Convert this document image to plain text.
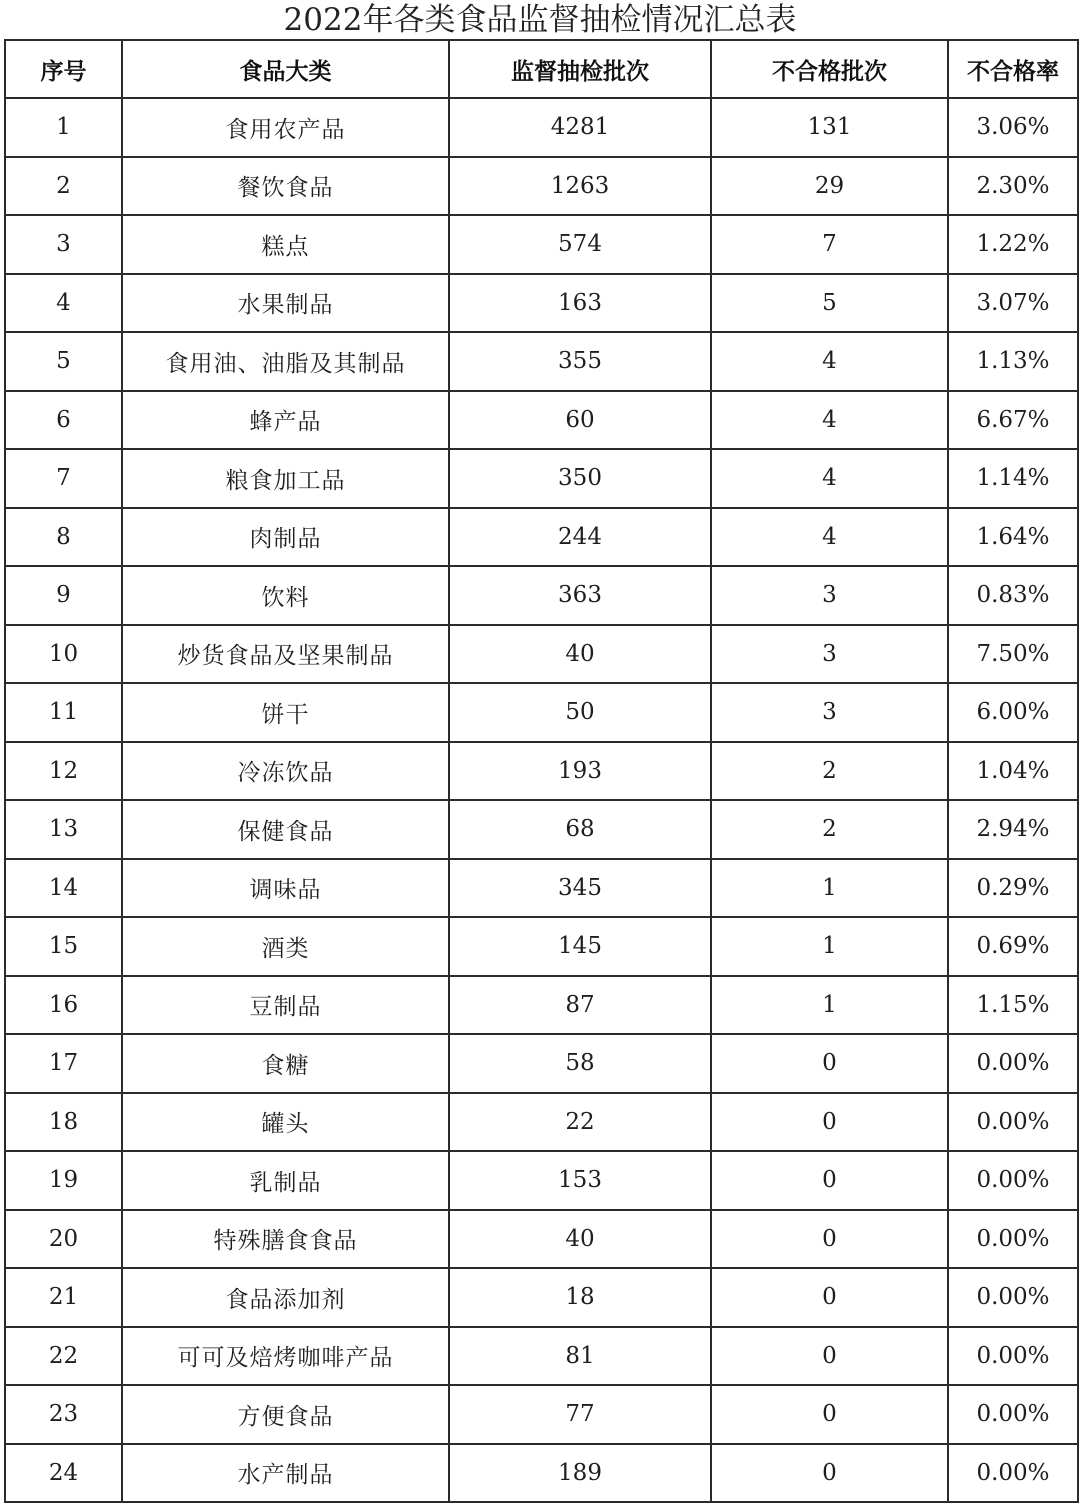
2022年各类食品监督抽检情况汇总表
序号	食品大类	监督抽检批次	不合格批次	不合格率
1	食用农产品	4281	131	3.06%
2	餐饮食品	1263	29	2.30%
3	糕点	574	7	1.22%
4	水果制品	163	5	3.07%
5	食用油、油脂及其制品	355	4	1.13%
6	蜂产品	60	4	6.67%
7	粮食加工品	350	4	1.14%
8	肉制品	244	4	1.64%
9	饮料	363	3	0.83%
10	炒货食品及坚果制品	40	3	7.50%
11	饼干	50	3	6.00%
12	冷冻饮品	193	2	1.04%
13	保健食品	68	2	2.94%
14	调味品	345	1	0.29%
15	酒类	145	1	0.69%
16	豆制品	87	1	1.15%
17	食糖	58	0	0.00%
18	罐头	22	0	0.00%
19	乳制品	153	0	0.00%
20	特殊膳食食品	40	0	0.00%
21	食品添加剂	18	0	0.00%
22	可可及焙烤咖啡产品	81	0	0.00%
23	方便食品	77	0	0.00%
24	水产制品	189	0	0.00%
